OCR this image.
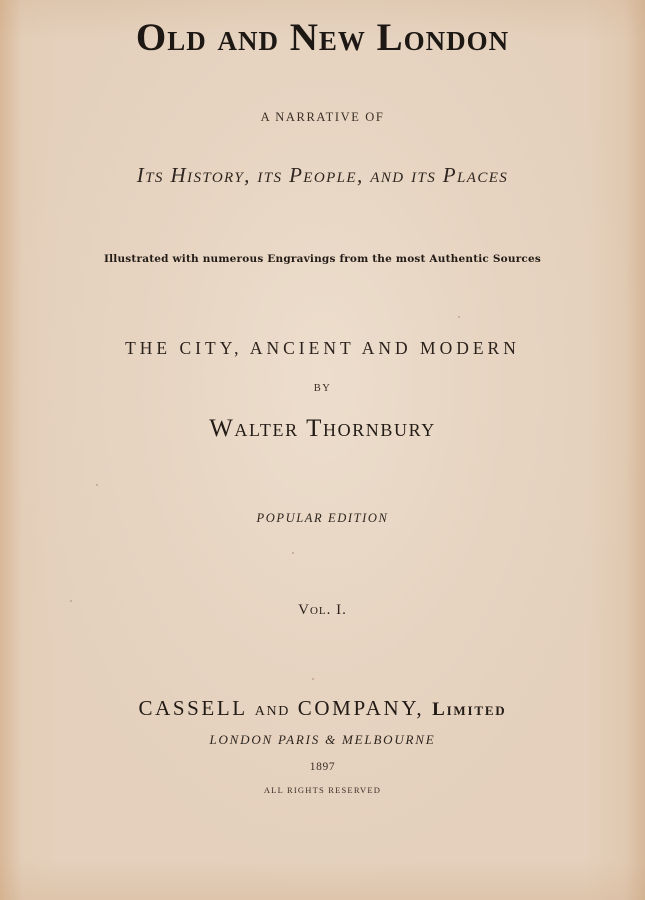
Old and New London
A NARRATIVE OF
Its History, its People, and its Places
Illustrated with numerous Engravings from the most Authentic Sources
THE CITY, ANCIENT AND MODERN
BY
Walter Thornbury
POPULAR EDITION
Vol. I.
CASSELL AND COMPANY, Limited
LONDON PARIS & MELBOURNE
1897
ALL RIGHTS RESERVED
